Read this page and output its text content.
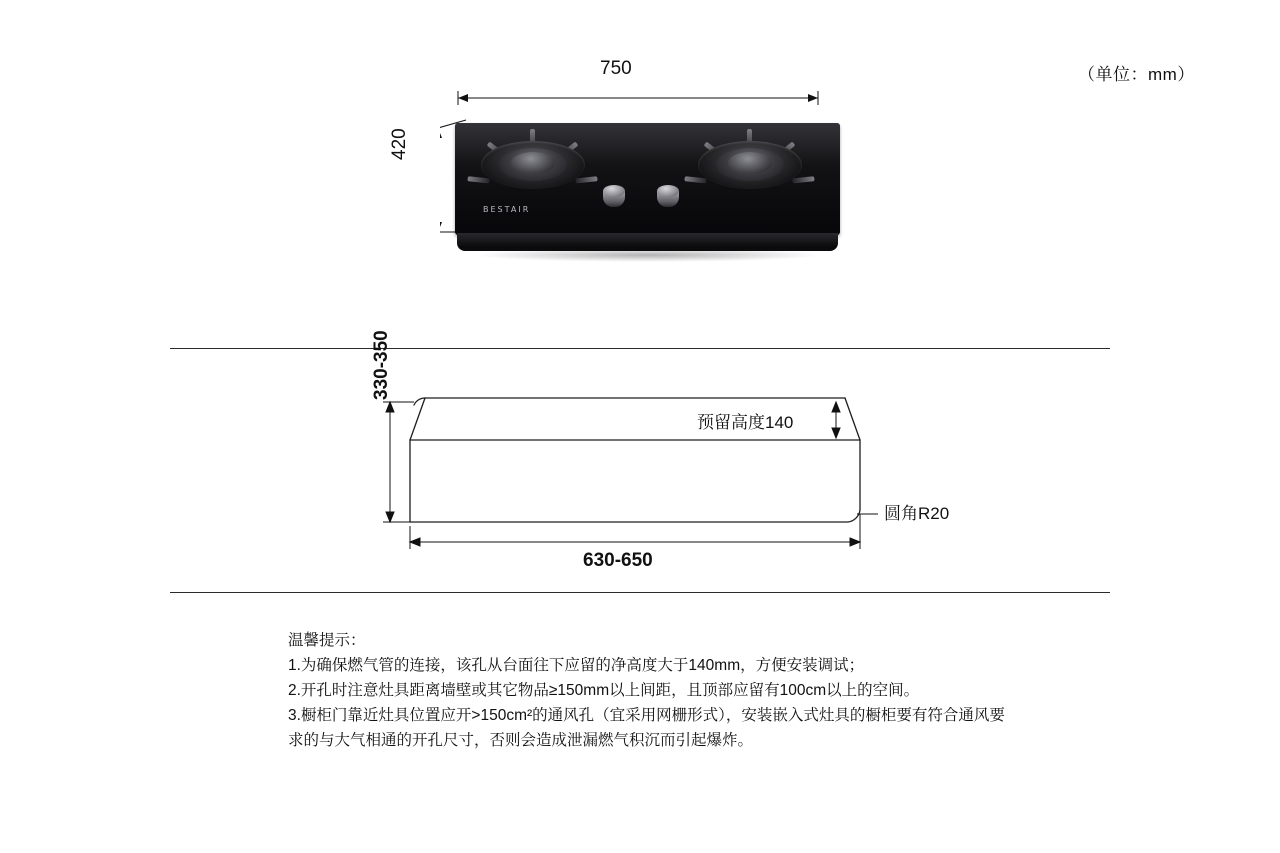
（单位：mm）
750
420
BESTAIR
330-350
预留高度140
圆角R20
630-650
温馨提示：
1.为确保燃气管的连接，该孔从台面往下应留的净高度大于140mm，方便安装调试；
2.开孔时注意灶具距离墙壁或其它物品≥150mm以上间距，且顶部应留有100cm以上的空间。
3.橱柜门靠近灶具位置应开>150cm²的通风孔（宜采用网栅形式），安装嵌入式灶具的橱柜要有符合通风要求的与大气相通的开孔尺寸，否则会造成泄漏燃气积沉而引起爆炸。
